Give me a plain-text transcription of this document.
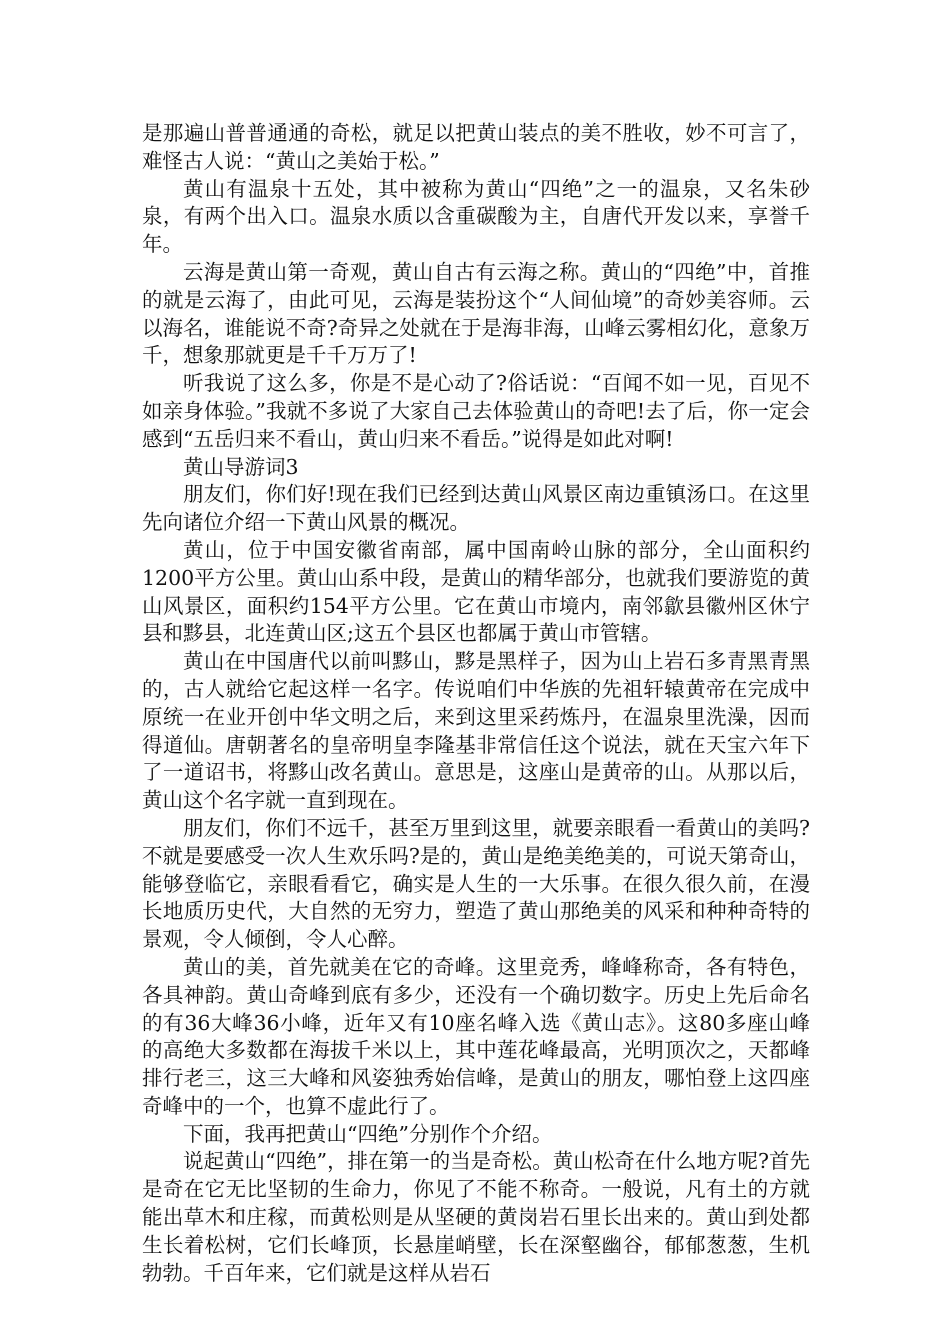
是那遍山普普通通的奇松，就足以把黄山装点的美不胜收，妙不可言了，难怪古人说：“黄山之美始于松。”

黄山有温泉十五处，其中被称为黄山“四绝”之一的温泉，又名朱砂泉，有两个出入口。温泉水质以含重碳酸为主，自唐代开发以来，享誉千年。

云海是黄山第一奇观，黄山自古有云海之称。黄山的“四绝”中，首推的就是云海了，由此可见，云海是装扮这个“人间仙境”的奇妙美容师。云以海名，谁能说不奇?奇异之处就在于是海非海，山峰云雾相幻化，意象万千，想象那就更是千千万万了!

听我说了这么多，你是不是心动了?俗话说：“百闻不如一见，百见不如亲身体验。”我就不多说了大家自己去体验黄山的奇吧!去了后，你一定会感到“五岳归来不看山，黄山归来不看岳。”说得是如此对啊!

黄山导游词3

朋友们，你们好!现在我们已经到达黄山风景区南边重镇汤口。在这里先向诸位介绍一下黄山风景的概况。

黄山，位于中国安徽省南部，属中国南岭山脉的部分，全山面积约1200平方公里。黄山山系中段，是黄山的精华部分，也就我们要游览的黄山风景区，面积约154平方公里。它在黄山市境内，南邻歙县徽州区休宁县和黟县，北连黄山区;这五个县区也都属于黄山市管辖。

黄山在中国唐代以前叫黟山，黟是黑样子，因为山上岩石多青黑青黑的，古人就给它起这样一名字。传说咱们中华族的先祖轩辕黄帝在完成中原统一在业开创中华文明之后，来到这里采药炼丹，在温泉里洗澡，因而得道仙。唐朝著名的皇帝明皇李隆基非常信任这个说法，就在天宝六年下了一道诏书，将黟山改名黄山。意思是，这座山是黄帝的山。从那以后，黄山这个名字就一直到现在。

朋友们，你们不远千，甚至万里到这里，就要亲眼看一看黄山的美吗?不就是要感受一次人生欢乐吗?是的，黄山是绝美绝美的，可说天第奇山，能够登临它，亲眼看看它，确实是人生的一大乐事。在很久很久前，在漫长地质历史代，大自然的无穷力，塑造了黄山那绝美的风采和种种奇特的景观，令人倾倒，令人心醉。

黄山的美，首先就美在它的奇峰。这里竞秀，峰峰称奇，各有特色，各具神韵。黄山奇峰到底有多少，还没有一个确切数字。历史上先后命名的有36大峰36小峰，近年又有10座名峰入选《黄山志》。这80多座山峰的高绝大多数都在海拔千米以上，其中莲花峰最高，光明顶次之，天都峰排行老三，这三大峰和风姿独秀始信峰，是黄山的朋友，哪怕登上这四座奇峰中的一个，也算不虚此行了。

下面，我再把黄山“四绝”分别作个介绍。

说起黄山“四绝”，排在第一的当是奇松。黄山松奇在什么地方呢?首先是奇在它无比坚韧的生命力，你见了不能不称奇。一般说，凡有土的方就能出草木和庄稼，而黄松则是从坚硬的黄岗岩石里长出来的。黄山到处都生长着松树，它们长峰顶，长悬崖峭壁，长在深壑幽谷，郁郁葱葱，生机勃勃。千百年来，它们就是这样从岩石
